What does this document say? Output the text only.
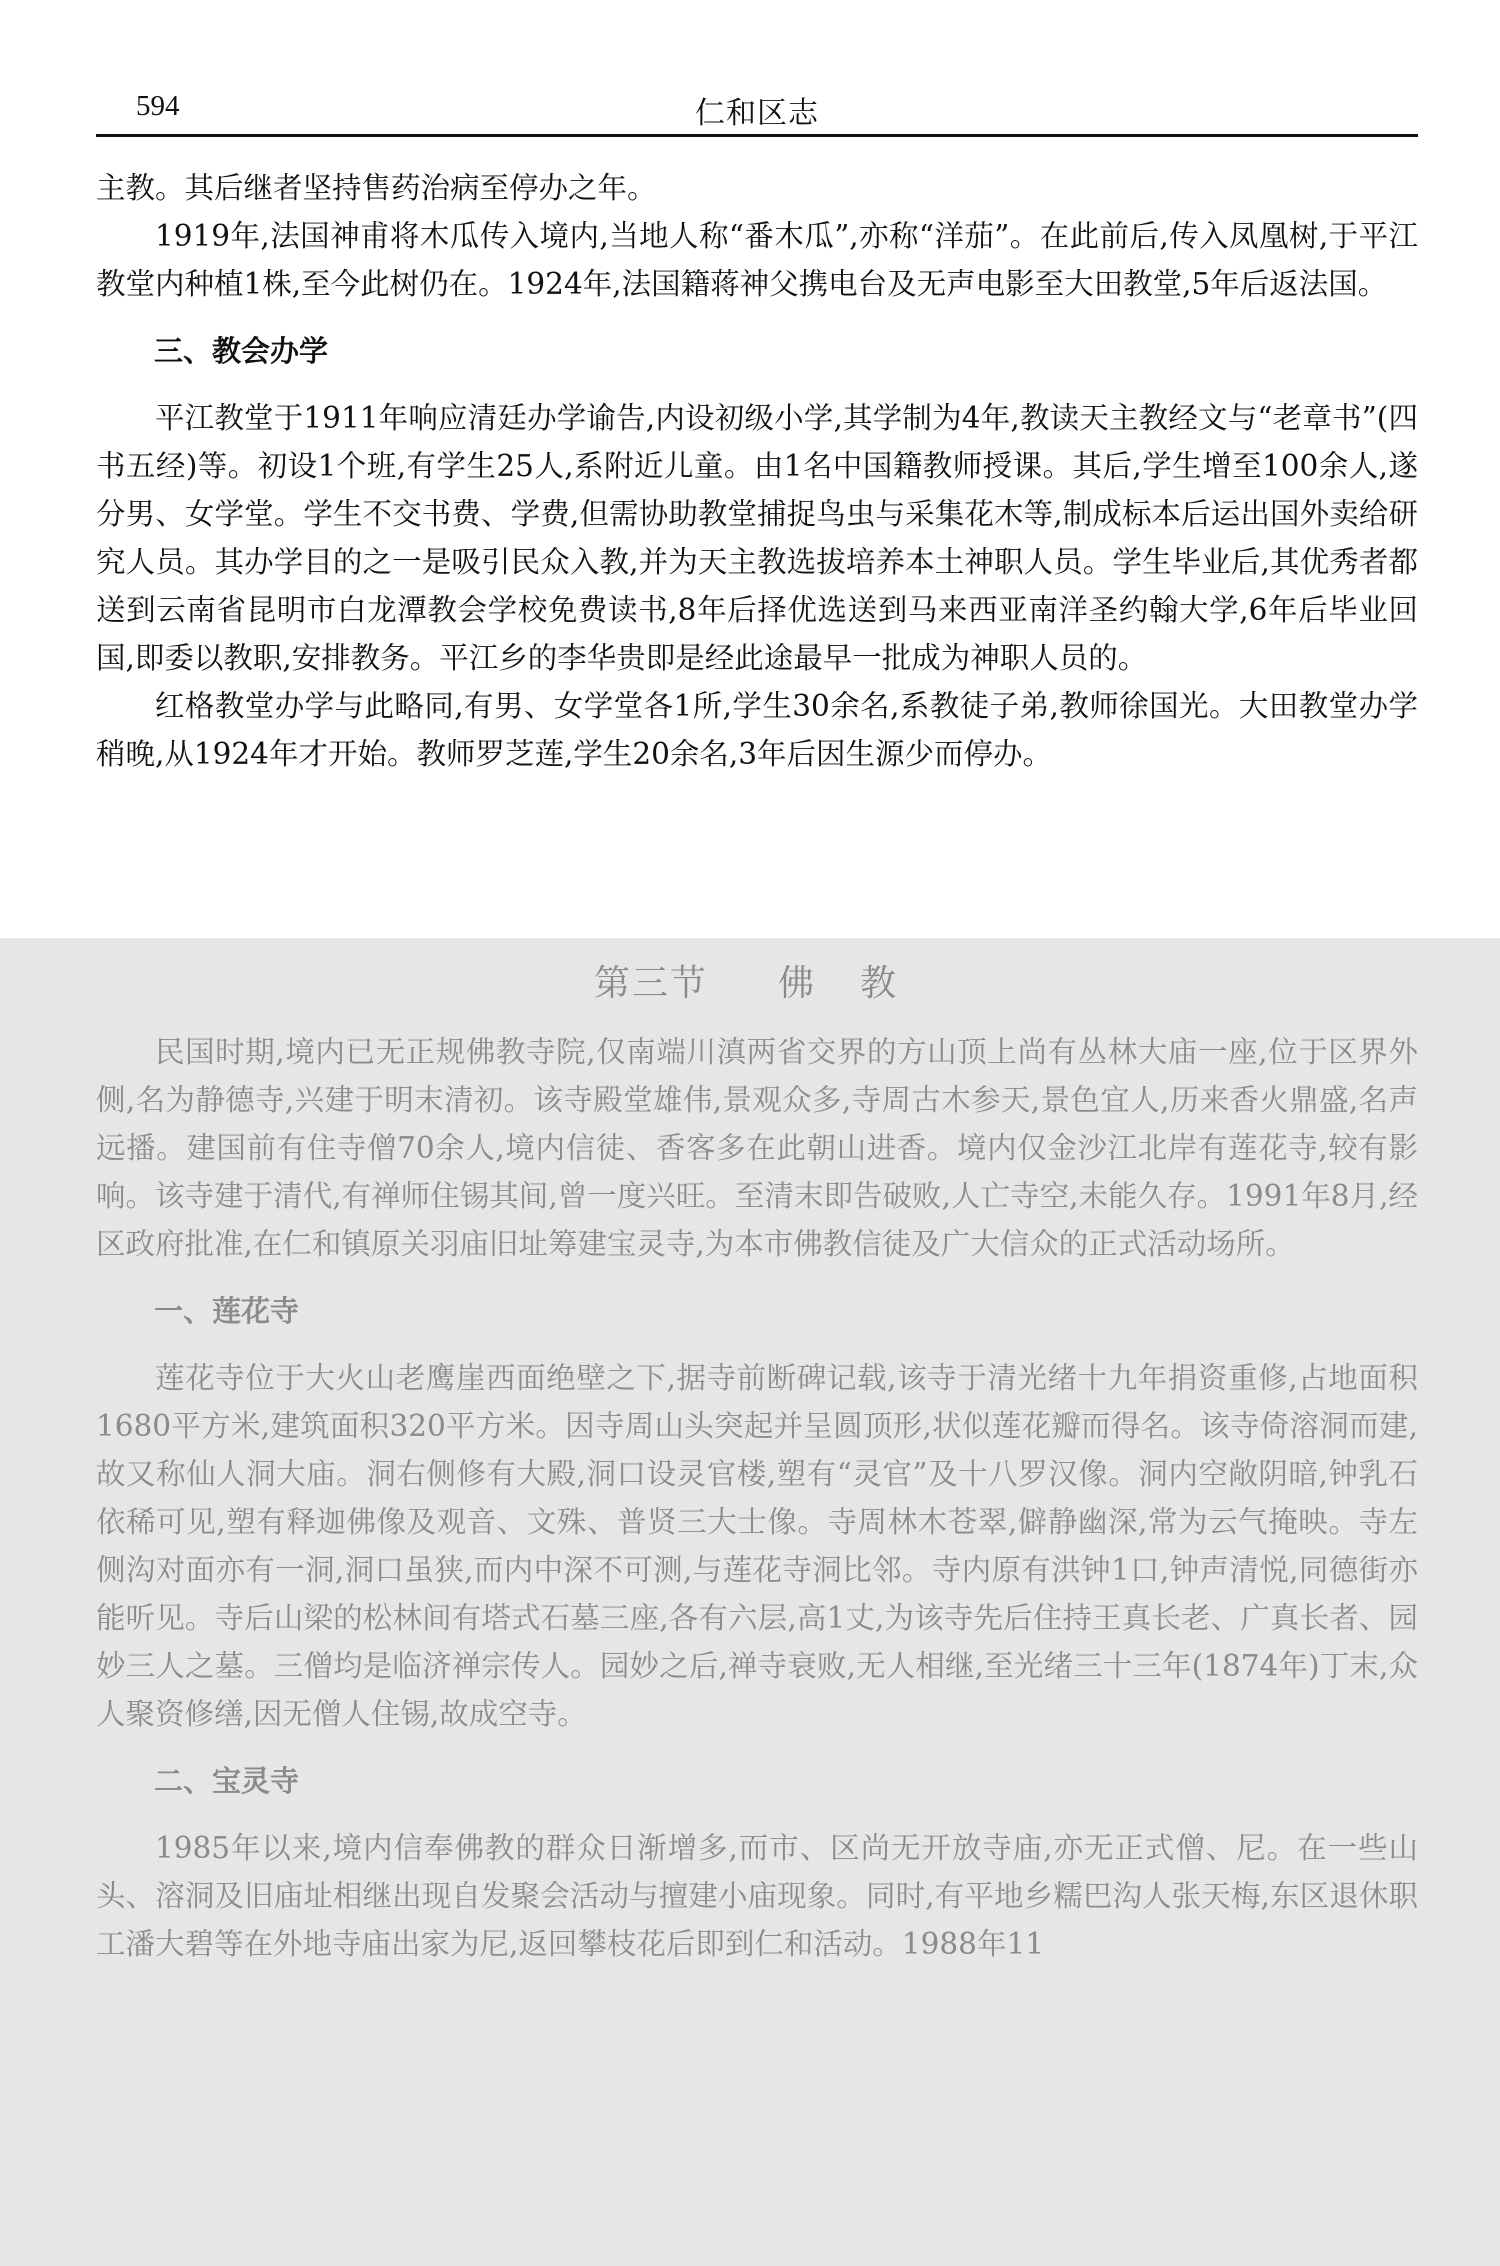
594	仁和区志

主教。其后继者坚持售药治病至停办之年。

1919年,法国神甫将木瓜传入境内,当地人称“番木瓜”,亦称“洋茄”。在此前后,传入凤凰树,于平江教堂内种植1株,至今此树仍在。1924年,法国籍蒋神父携电台及无声电影至大田教堂,5年后返法国。

三、教会办学

平江教堂于1911年响应清廷办学谕告,内设初级小学,其学制为4年,教读天主教经文与“老章书”(四书五经)等。初设1个班,有学生25人,系附近儿童。由1名中国籍教师授课。其后,学生增至100余人,遂分男、女学堂。学生不交书费、学费,但需协助教堂捕捉鸟虫与采集花木等,制成标本后运出国外卖给研究人员。其办学目的之一是吸引民众入教,并为天主教选拔培养本土神职人员。学生毕业后,其优秀者都送到云南省昆明市白龙潭教会学校免费读书,8年后择优选送到马来西亚南洋圣约翰大学,6年后毕业回国,即委以教职,安排教务。平江乡的李华贵即是经此途最早一批成为神职人员的。

红格教堂办学与此略同,有男、女学堂各1所,学生30余名,系教徒子弟,教师徐国光。大田教堂办学稍晚,从1924年才开始。教师罗芝莲,学生20余名,3年后因生源少而停办。

第三节 佛 教

民国时期,境内已无正规佛教寺院,仅南端川滇两省交界的方山顶上尚有丛林大庙一座,位于区界外侧,名为静德寺,兴建于明末清初。该寺殿堂雄伟,景观众多,寺周古木参天,景色宜人,历来香火鼎盛,名声远播。建国前有住寺僧70余人,境内信徒、香客多在此朝山进香。境内仅金沙江北岸有莲花寺,较有影响。该寺建于清代,有禅师住锡其间,曾一度兴旺。至清末即告破败,人亡寺空,未能久存。1991年8月,经区政府批准,在仁和镇原关羽庙旧址筹建宝灵寺,为本市佛教信徒及广大信众的正式活动场所。

一、莲花寺

莲花寺位于大火山老鹰崖西面绝壁之下,据寺前断碑记载,该寺于清光绪十九年捐资重修,占地面积1680平方米,建筑面积320平方米。因寺周山头突起并呈圆顶形,状似莲花瓣而得名。该寺倚溶洞而建,故又称仙人洞大庙。洞右侧修有大殿,洞口设灵官楼,塑有“灵官”及十八罗汉像。洞内空敞阴暗,钟乳石依稀可见,塑有释迦佛像及观音、文殊、普贤三大士像。寺周林木苍翠,僻静幽深,常为云气掩映。寺左侧沟对面亦有一洞,洞口虽狭,而内中深不可测,与莲花寺洞比邻。寺内原有洪钟1口,钟声清悦,同德街亦能听见。寺后山梁的松林间有塔式石墓三座,各有六层,高1丈,为该寺先后住持王真长老、广真长者、园妙三人之墓。三僧均是临济禅宗传人。园妙之后,禅寺衰败,无人相继,至光绪三十三年(1874年)丁末,众人聚资修缮,因无僧人住锡,故成空寺。

二、宝灵寺

1985年以来,境内信奉佛教的群众日渐增多,而市、区尚无开放寺庙,亦无正式僧、尼。在一些山头、溶洞及旧庙址相继出现自发聚会活动与擅建小庙现象。同时,有平地乡糯巴沟人张天梅,东区退休职工潘大碧等在外地寺庙出家为尼,返回攀枝花后即到仁和活动。1988年11
